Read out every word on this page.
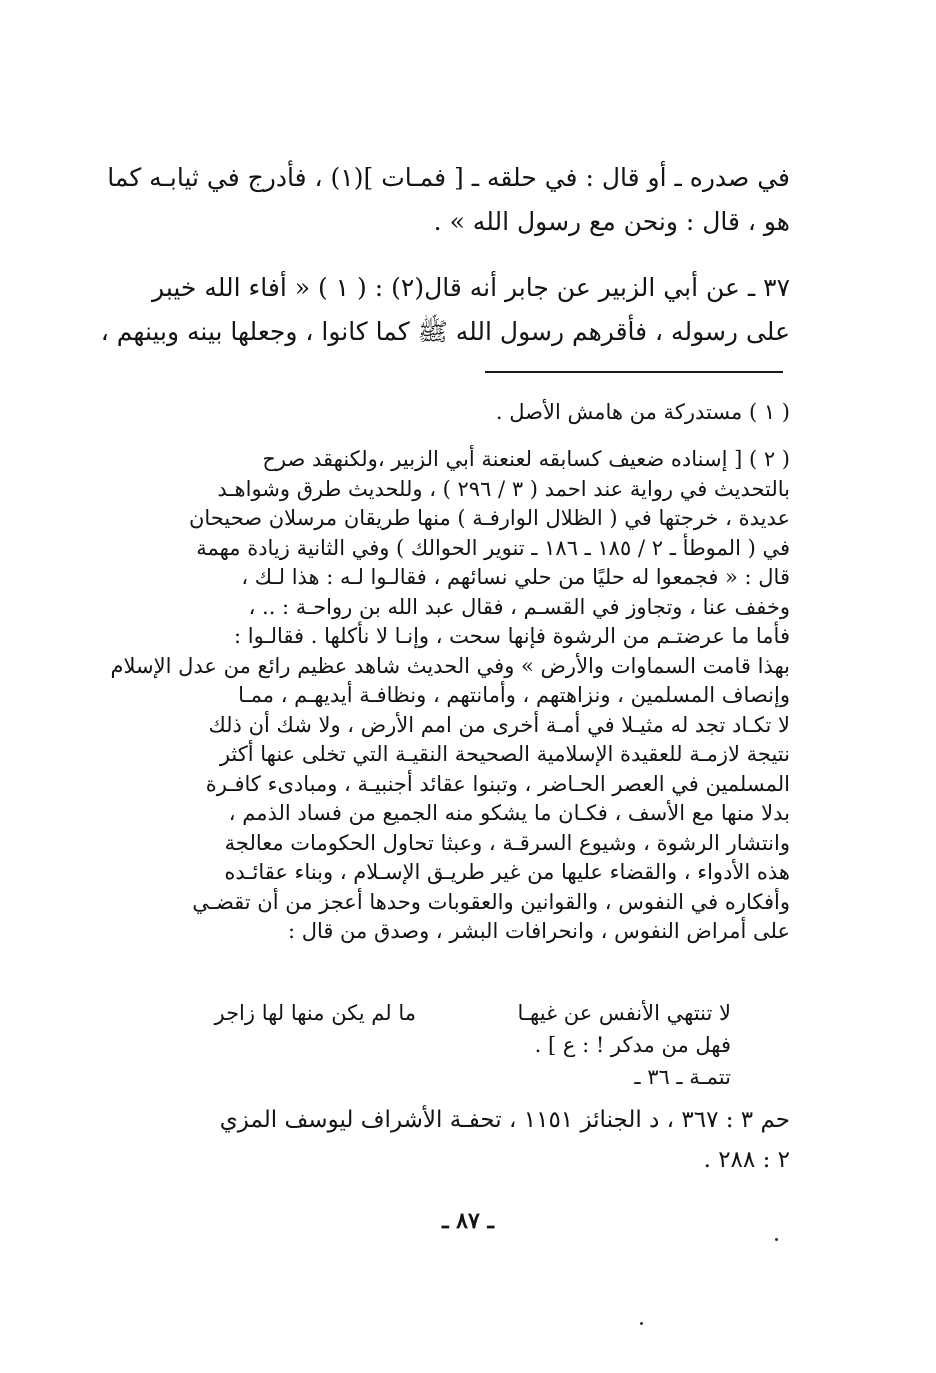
في صدره ـ أو قال : في حلقه ـ [ فمـات ](١) ، فأدرج في ثيابـه كما
هو ، قال : ونحن مع رسول الله » .

٣٧ ـ عن أبي الزبير عن جابر أنه قال(٢) : ( ١ ) « أفاء الله خيبر
على رسوله ، فأقرهم رسول الله ﷺ كما كانوا ، وجعلها بينه وبينهم ،

( ١ ) مستدركة من هامش الأصل .
( ٢ ) [ إسناده ضعيف كسابقه لعنعنة أبي الزبير ،ولكنهقد صرح
بالتحديث في رواية عند احمد ( ٣ / ٢٩٦ ) ، وللحديث طرق وشواهـد
عديدة ، خرجتها في ( الظلال الوارفـة ) منها طريقان مرسلان صحيحان
في ( الموطأ ـ ٢ / ١٨٥ ـ ١٨٦ ـ تنوير الحوالك ) وفي الثانية زيادة مهمة
قال : « فجمعوا له حليًا من حلي نسائهم ، فقالـوا لـه : هذا لـك ،
وخفف عنا ، وتجاوز في القسـم ، فقال عبد الله بن رواحـة : .. ،
فأما ما عرضتـم من الرشوة فإنها سحت ، وإنـا لا نأكلها . فقالـوا :
بهذا قامت السماوات والأرض » وفي الحديث شاهد عظيم رائع من عدل الإسلام
وإنصاف المسلمين ، ونزاهتهم ، وأمانتهم ، ونظافـة أيديهـم ، ممـا
لا تكـاد تجد له مثيـلا في أمـة أخرى من امم الأرض ، ولا شك أن ذلك
نتيجة لازمـة للعقيدة الإسلامية الصحيحة النقيـة التي تخلى عنها أكثر
المسلمين في العصر الحـاضر ، وتبنوا عقائد أجنبيـة ، ومبادىء كافـرة
بدلا منها مع الأسف ، فكـان ما يشكو منه الجميع من فساد الذمم ،
وانتشار الرشوة ، وشيوع السرقـة ، وعبثا تحاول الحكومات معالجة
هذه الأدواء ، والقضاء عليها من غير طريـق الإسـلام ، وبناء عقائـده
وأفكاره في النفوس ، والقوانين والعقوبات وحدها أعجز من أن تقضـي
على أمراض النفوس ، وانحرافات البشر ، وصدق من قال :
لا تنتهي الأنفس عن غيهـا
ما لم يكن منها لها زاجر
فهل من مدكر ! : ع ] .
تتمـة ـ ٣٦ ـ
حم ٣ : ٣٦٧ ، د الجنائز ١١٥١ ، تحفـة الأشراف ليوسف المزي
٢ : ٢٨٨ .
ـ ٨٧ ـ
